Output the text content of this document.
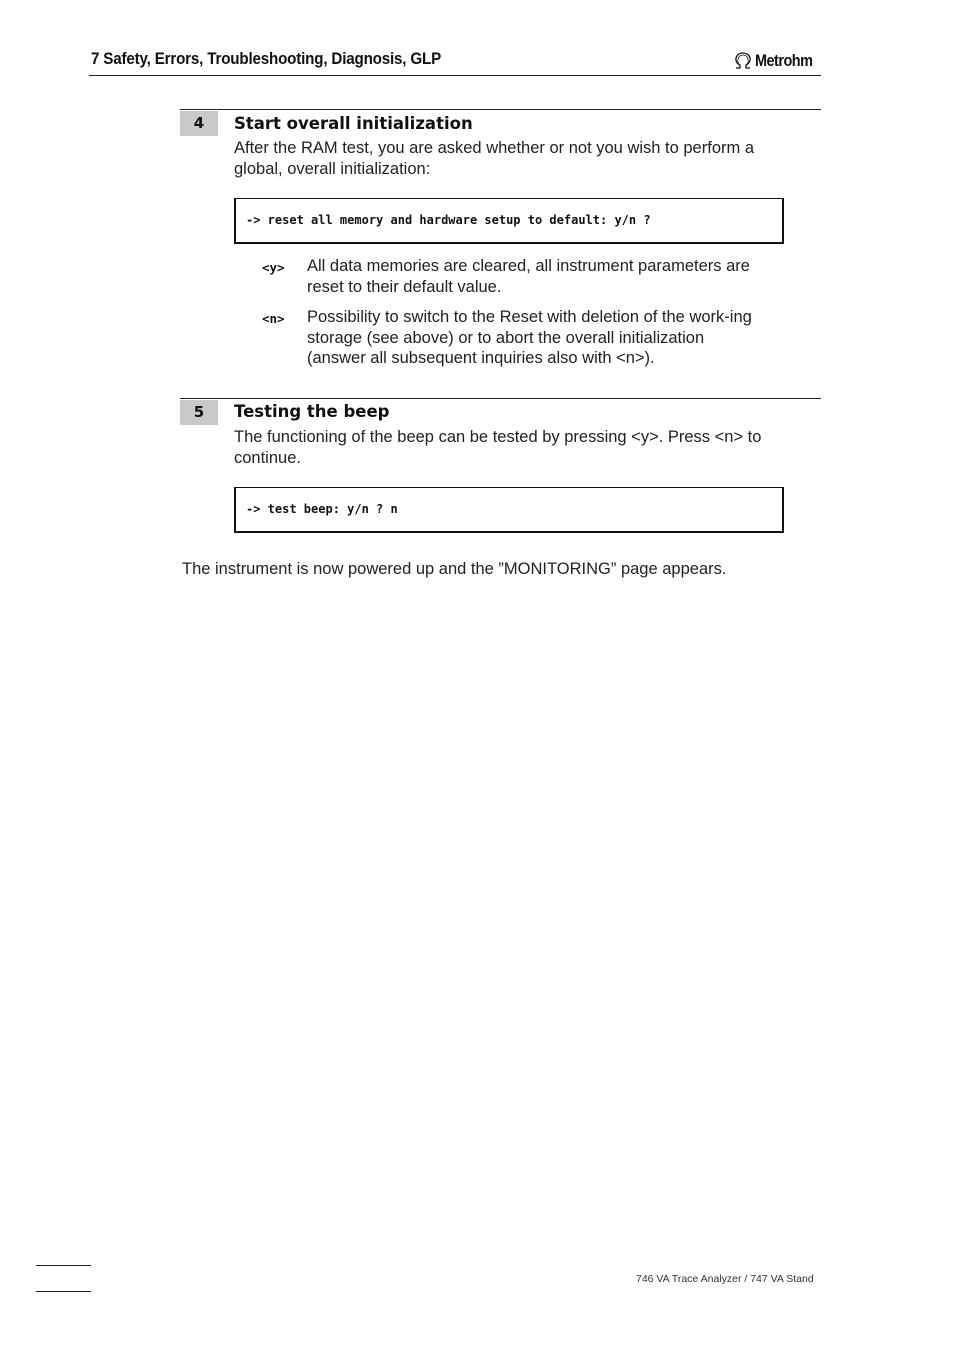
7 Safety, Errors, Troubleshooting, Diagnosis, GLP	Metrohm
4	Start overall initialization
After the RAM test, you are asked whether or not you wish to perform a global, overall initialization:
-> reset all memory and hardware setup to default: y/n ?
<y> All data memories are cleared, all instrument parameters are reset to their default value.
<n> Possibility to switch to the Reset with deletion of the work-ing storage (see above) or to abort the overall initialization (answer all subsequent inquiries also with <n>).
5	Testing the beep
The functioning of the beep can be tested by pressing <y>. Press <n> to continue.
-> test beep: y/n ? n
The instrument is now powered up and the ”MONITORING” page appears.
746 VA Trace Analyzer / 747 VA Stand
